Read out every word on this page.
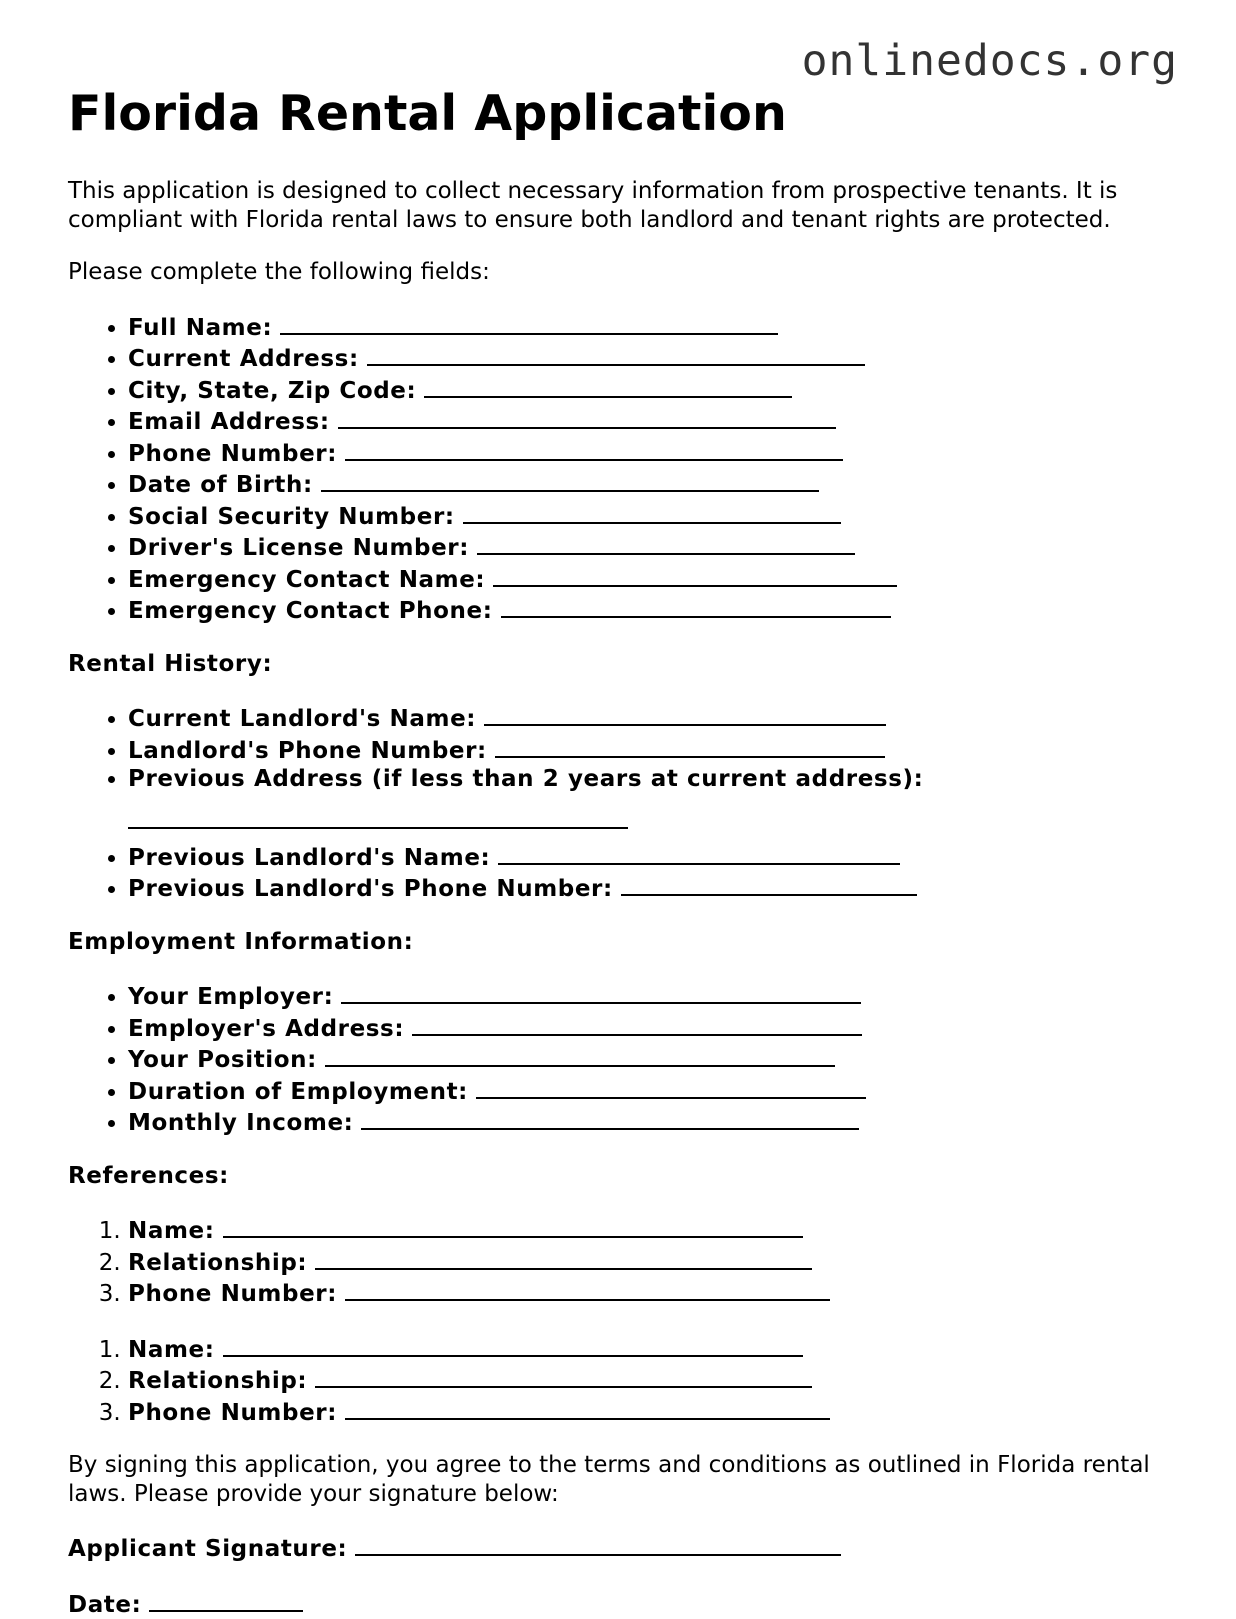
onlinedocs.org
Florida Rental Application

This application is designed to collect necessary information from prospective tenants. It is compliant with Florida rental laws to ensure both landlord and tenant rights are protected.

Please complete the following fields:

• Full Name:
• Current Address:
• City, State, Zip Code:
• Email Address:
• Phone Number:
• Date of Birth:
• Social Security Number:
• Driver's License Number:
• Emergency Contact Name:
• Emergency Contact Phone:

Rental History:

• Current Landlord's Name:
• Landlord's Phone Number:
• Previous Address (if less than 2 years at current address):
• Previous Landlord's Name:
• Previous Landlord's Phone Number:

Employment Information:

• Your Employer:
• Employer's Address:
• Your Position:
• Duration of Employment:
• Monthly Income:

References:

1. Name:
2. Relationship:
3. Phone Number:
1. Name:
2. Relationship:
3. Phone Number:

By signing this application, you agree to the terms and conditions as outlined in Florida rental laws. Please provide your signature below:

Applicant Signature:

Date:
